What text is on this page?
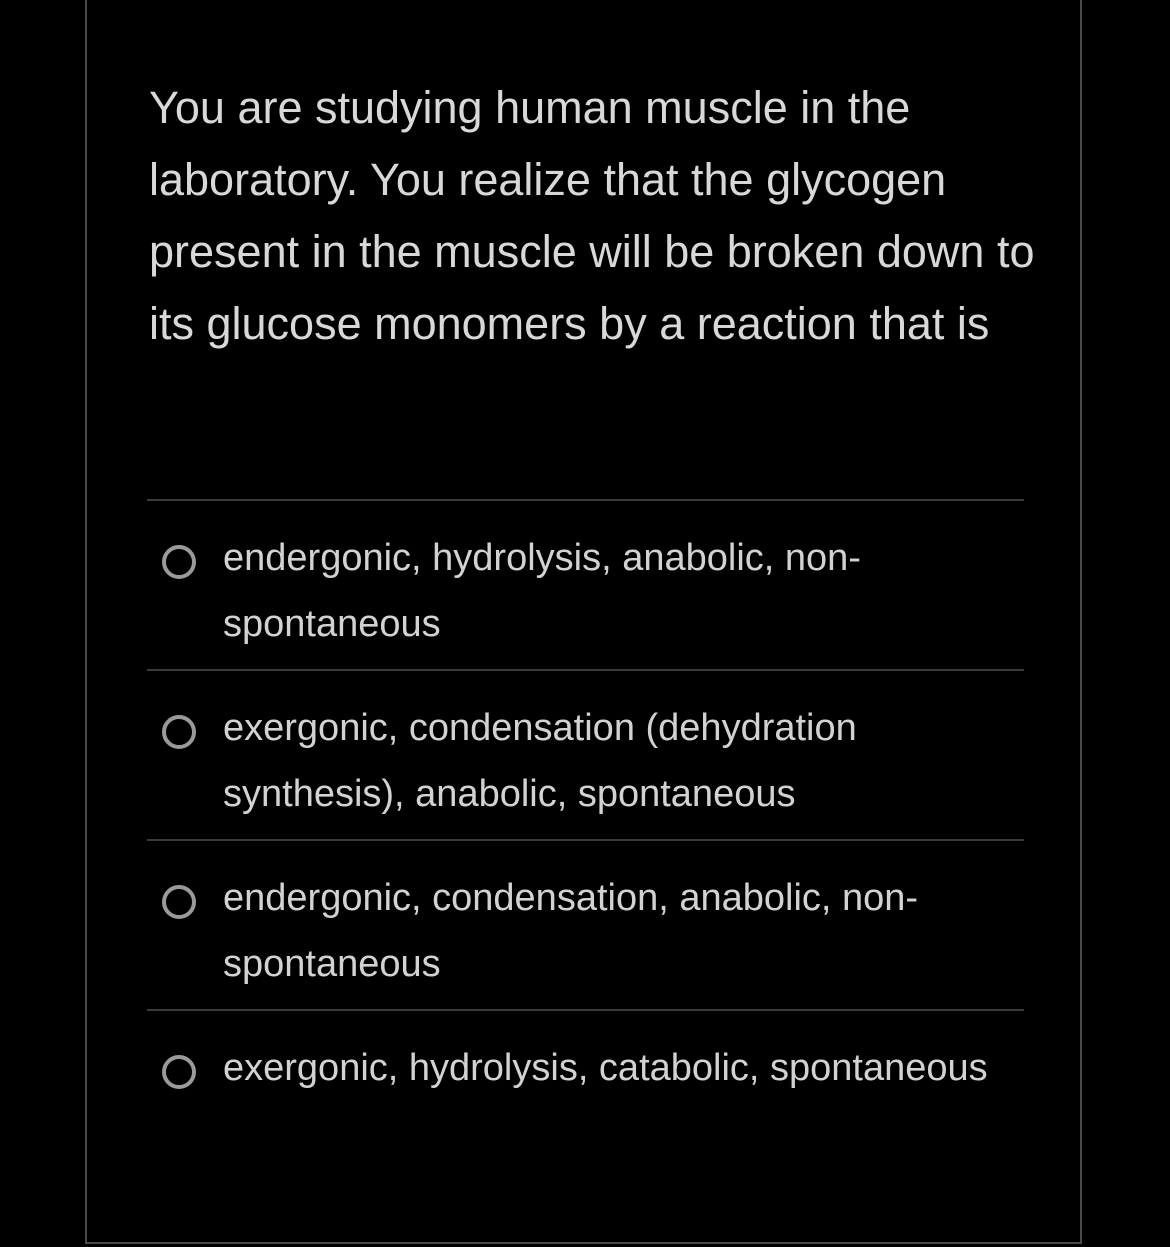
You are studying human muscle in the laboratory. You realize that the glycogen present in the muscle will be broken down to its glucose monomers by a reaction that is

endergonic, hydrolysis, anabolic, non-spontaneous
exergonic, condensation (dehydration synthesis), anabolic, spontaneous
endergonic, condensation, anabolic, non-spontaneous
exergonic, hydrolysis, catabolic, spontaneous
